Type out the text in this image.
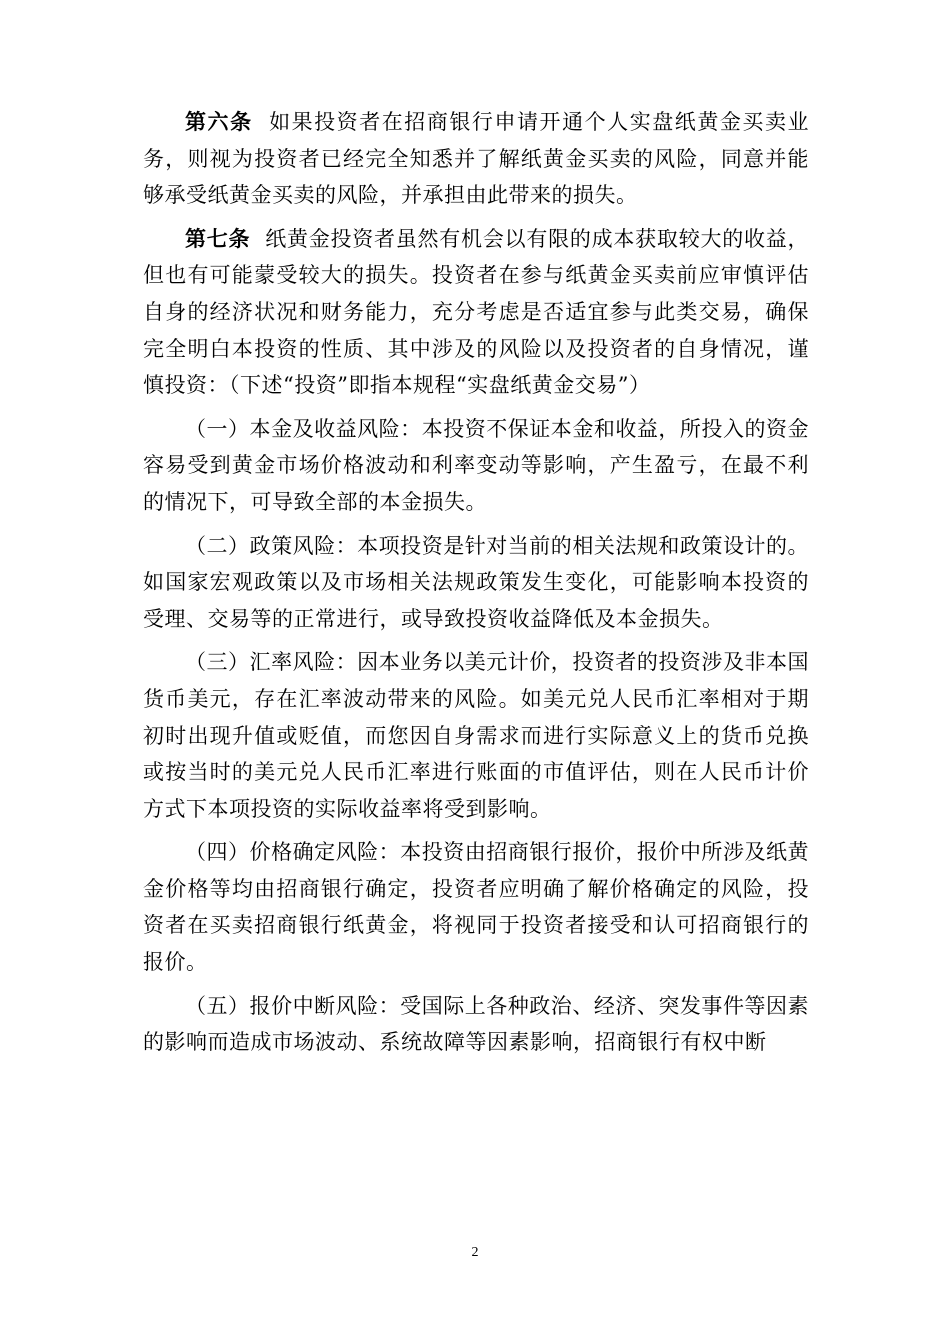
第六条 如果投资者在招商银行申请开通个人实盘纸黄金买卖业务，则视为投资者已经完全知悉并了解纸黄金买卖的风险，同意并能够承受纸黄金买卖的风险，并承担由此带来的损失。

第七条 纸黄金投资者虽然有机会以有限的成本获取较大的收益，但也有可能蒙受较大的损失。投资者在参与纸黄金买卖前应审慎评估自身的经济状况和财务能力，充分考虑是否适宜参与此类交易，确保完全明白本投资的性质、其中涉及的风险以及投资者的自身情况，谨慎投资：（下述“投资”即指本规程“实盘纸黄金交易”）

（一）本金及收益风险：本投资不保证本金和收益，所投入的资金容易受到黄金市场价格波动和利率变动等影响，产生盈亏，在最不利的情况下，可导致全部的本金损失。

（二）政策风险：本项投资是针对当前的相关法规和政策设计的。如国家宏观政策以及市场相关法规政策发生变化，可能影响本投资的受理、交易等的正常进行，或导致投资收益降低及本金损失。

（三）汇率风险：因本业务以美元计价，投资者的投资涉及非本国货币美元，存在汇率波动带来的风险。如美元兑人民币汇率相对于期初时出现升值或贬值，而您因自身需求而进行实际意义上的货币兑换或按当时的美元兑人民币汇率进行账面的市值评估，则在人民币计价方式下本项投资的实际收益率将受到影响。

（四）价格确定风险：本投资由招商银行报价，报价中所涉及纸黄金价格等均由招商银行确定，投资者应明确了解价格确定的风险，投资者在买卖招商银行纸黄金，将视同于投资者接受和认可招商银行的报价。

（五）报价中断风险：受国际上各种政治、经济、突发事件等因素的影响而造成市场波动、系统故障等因素影响，招商银行有权中断

2
